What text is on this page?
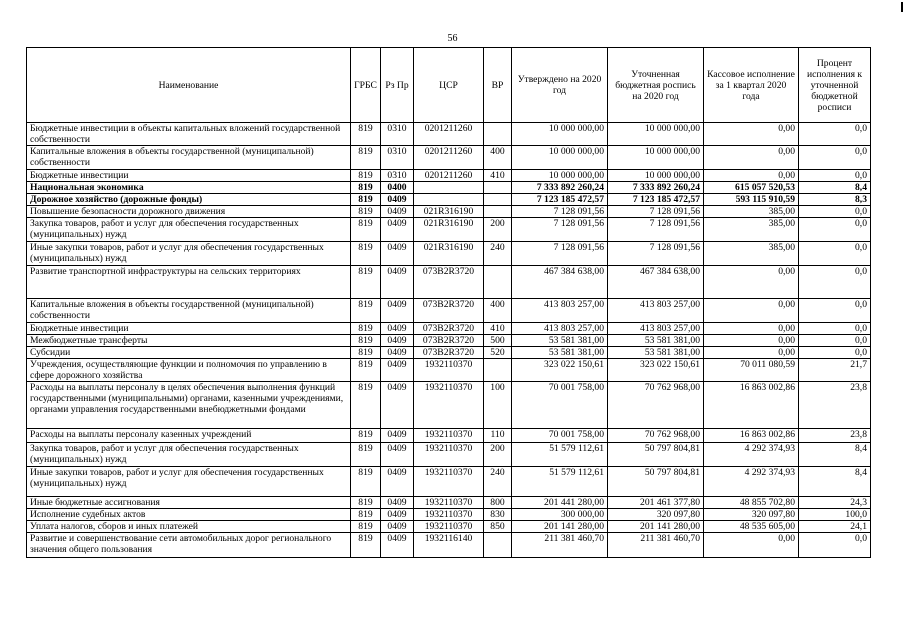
56
Наименование	ГРБС	Рз Пр	ЦСР	ВР	Утверждено на 2020 год	Уточненная бюджетная роспись на 2020 год	Кассовое исполнение за 1 квартал 2020 года	Процент исполнения к уточненной бюджетной росписи
Бюджетные инвестиции в объекты капитальных вложений государственной собственности	819	0310	0201211260		10 000 000,00	10 000 000,00	0,00	0,0
Капитальные вложения в объекты государственной (муниципальной) собственности	819	0310	0201211260	400	10 000 000,00	10 000 000,00	0,00	0,0
Бюджетные инвестиции	819	0310	0201211260	410	10 000 000,00	10 000 000,00	0,00	0,0
Национальная экономика	819	0400			7 333 892 260,24	7 333 892 260,24	615 057 520,53	8,4
Дорожное хозяйство (дорожные фонды)	819	0409			7 123 185 472,57	7 123 185 472,57	593 115 910,59	8,3
Повышение безопасности дорожного движения	819	0409	021R316190		7 128 091,56	7 128 091,56	385,00	0,0
Закупка товаров, работ и услуг для обеспечения государственных (муниципальных) нужд	819	0409	021R316190	200	7 128 091,56	7 128 091,56	385,00	0,0
Иные закупки товаров, работ и услуг для обеспечения государственных (муниципальных) нужд	819	0409	021R316190	240	7 128 091,56	7 128 091,56	385,00	0,0
Развитие транспортной инфраструктуры на сельских территориях	819	0409	073B2R3720		467 384 638,00	467 384 638,00	0,00	0,0
Капитальные вложения в объекты государственной (муниципальной) собственности	819	0409	073B2R3720	400	413 803 257,00	413 803 257,00	0,00	0,0
Бюджетные инвестиции	819	0409	073B2R3720	410	413 803 257,00	413 803 257,00	0,00	0,0
Межбюджетные трансферты	819	0409	073B2R3720	500	53 581 381,00	53 581 381,00	0,00	0,0
Субсидии	819	0409	073B2R3720	520	53 581 381,00	53 581 381,00	0,00	0,0
Учреждения, осуществляющие функции и полномочия по управлению в сфере дорожного хозяйства	819	0409	1932110370		323 022 150,61	323 022 150,61	70 011 080,59	21,7
Расходы на выплаты персоналу в целях обеспечения выполнения функций государственными (муниципальными) органами, казенными учреждениями, органами управления государственными внебюджетными фондами	819	0409	1932110370	100	70 001 758,00	70 762 968,00	16 863 002,86	23,8
Расходы на выплаты персоналу казенных учреждений	819	0409	1932110370	110	70 001 758,00	70 762 968,00	16 863 002,86	23,8
Закупка товаров, работ и услуг для обеспечения государственных (муниципальных) нужд	819	0409	1932110370	200	51 579 112,61	50 797 804,81	4 292 374,93	8,4
Иные закупки товаров, работ и услуг для обеспечения государственных (муниципальных) нужд	819	0409	1932110370	240	51 579 112,61	50 797 804,81	4 292 374,93	8,4
Иные бюджетные ассигнования	819	0409	1932110370	800	201 441 280,00	201 461 377,80	48 855 702,80	24,3
Исполнение судебных актов	819	0409	1932110370	830	300 000,00	320 097,80	320 097,80	100,0
Уплата налогов, сборов и иных платежей	819	0409	1932110370	850	201 141 280,00	201 141 280,00	48 535 605,00	24,1
Развитие и совершенствование сети автомобильных дорог регионального значения общего пользования	819	0409	1932116140		211 381 460,70	211 381 460,70	0,00	0,0
